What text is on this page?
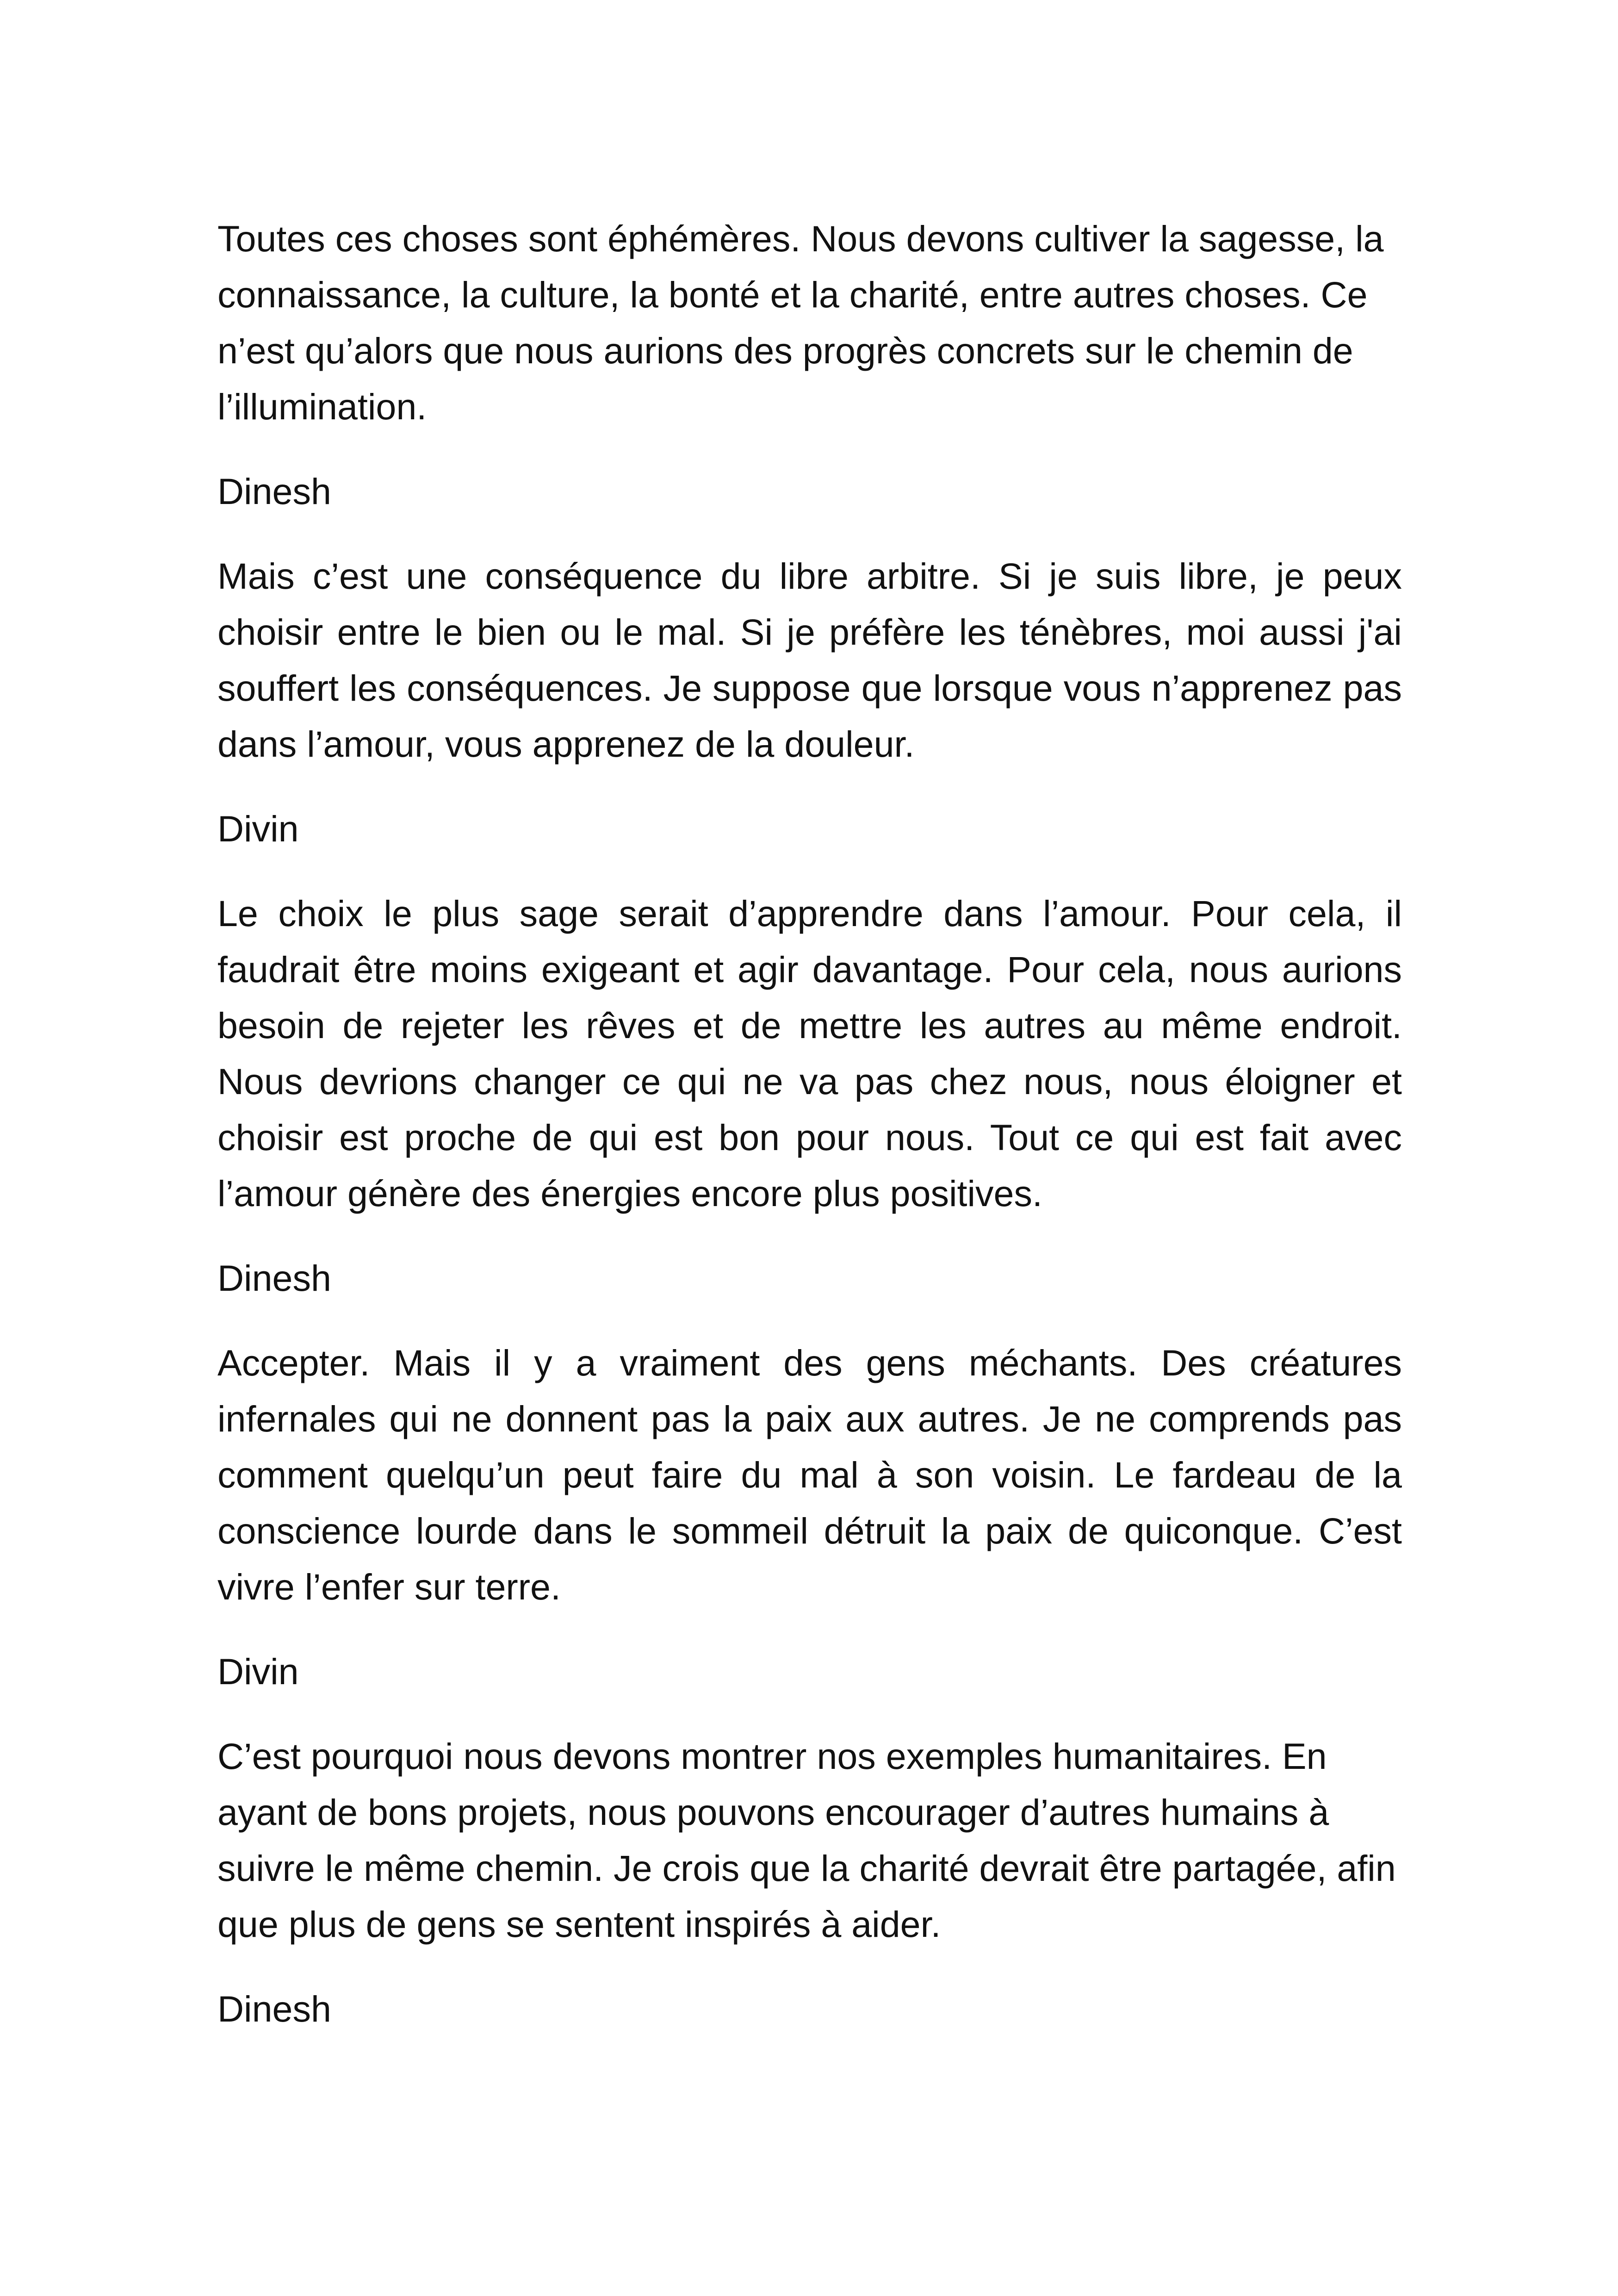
Toutes ces choses sont éphémères. Nous devons cultiver la sagesse, la connaissance, la culture, la bonté et la charité, entre autres choses. Ce n’est qu’alors que nous aurions des progrès concrets sur le chemin de l’illumination.

Dinesh

Mais c’est une conséquence du libre arbitre. Si je suis libre, je peux choisir entre le bien ou le mal. Si je préfère les ténèbres, moi aussi j'ai souffert les conséquences. Je suppose que lorsque vous n’apprenez pas dans l’amour, vous apprenez de la douleur.

Divin

Le choix le plus sage serait d’apprendre dans l’amour. Pour cela, il faudrait être moins exigeant et agir davantage. Pour cela, nous aurions besoin de rejeter les rêves et de mettre les autres au même endroit. Nous devrions changer ce qui ne va pas chez nous, nous éloigner et choisir est proche de qui est bon pour nous. Tout ce qui est fait avec l’amour génère des énergies encore plus positives.

Dinesh

Accepter. Mais il y a vraiment des gens méchants. Des créatures infernales qui ne donnent pas la paix aux autres. Je ne comprends pas comment quelqu’un peut faire du mal à son voisin. Le fardeau de la conscience lourde dans le sommeil détruit la paix de quiconque. C’est vivre l’enfer sur terre.

Divin

C’est pourquoi nous devons montrer nos exemples humanitaires. En ayant de bons projets, nous pouvons encourager d’autres humains à suivre le même chemin. Je crois que la charité devrait être partagée, afin que plus de gens se sentent inspirés à aider.

Dinesh
